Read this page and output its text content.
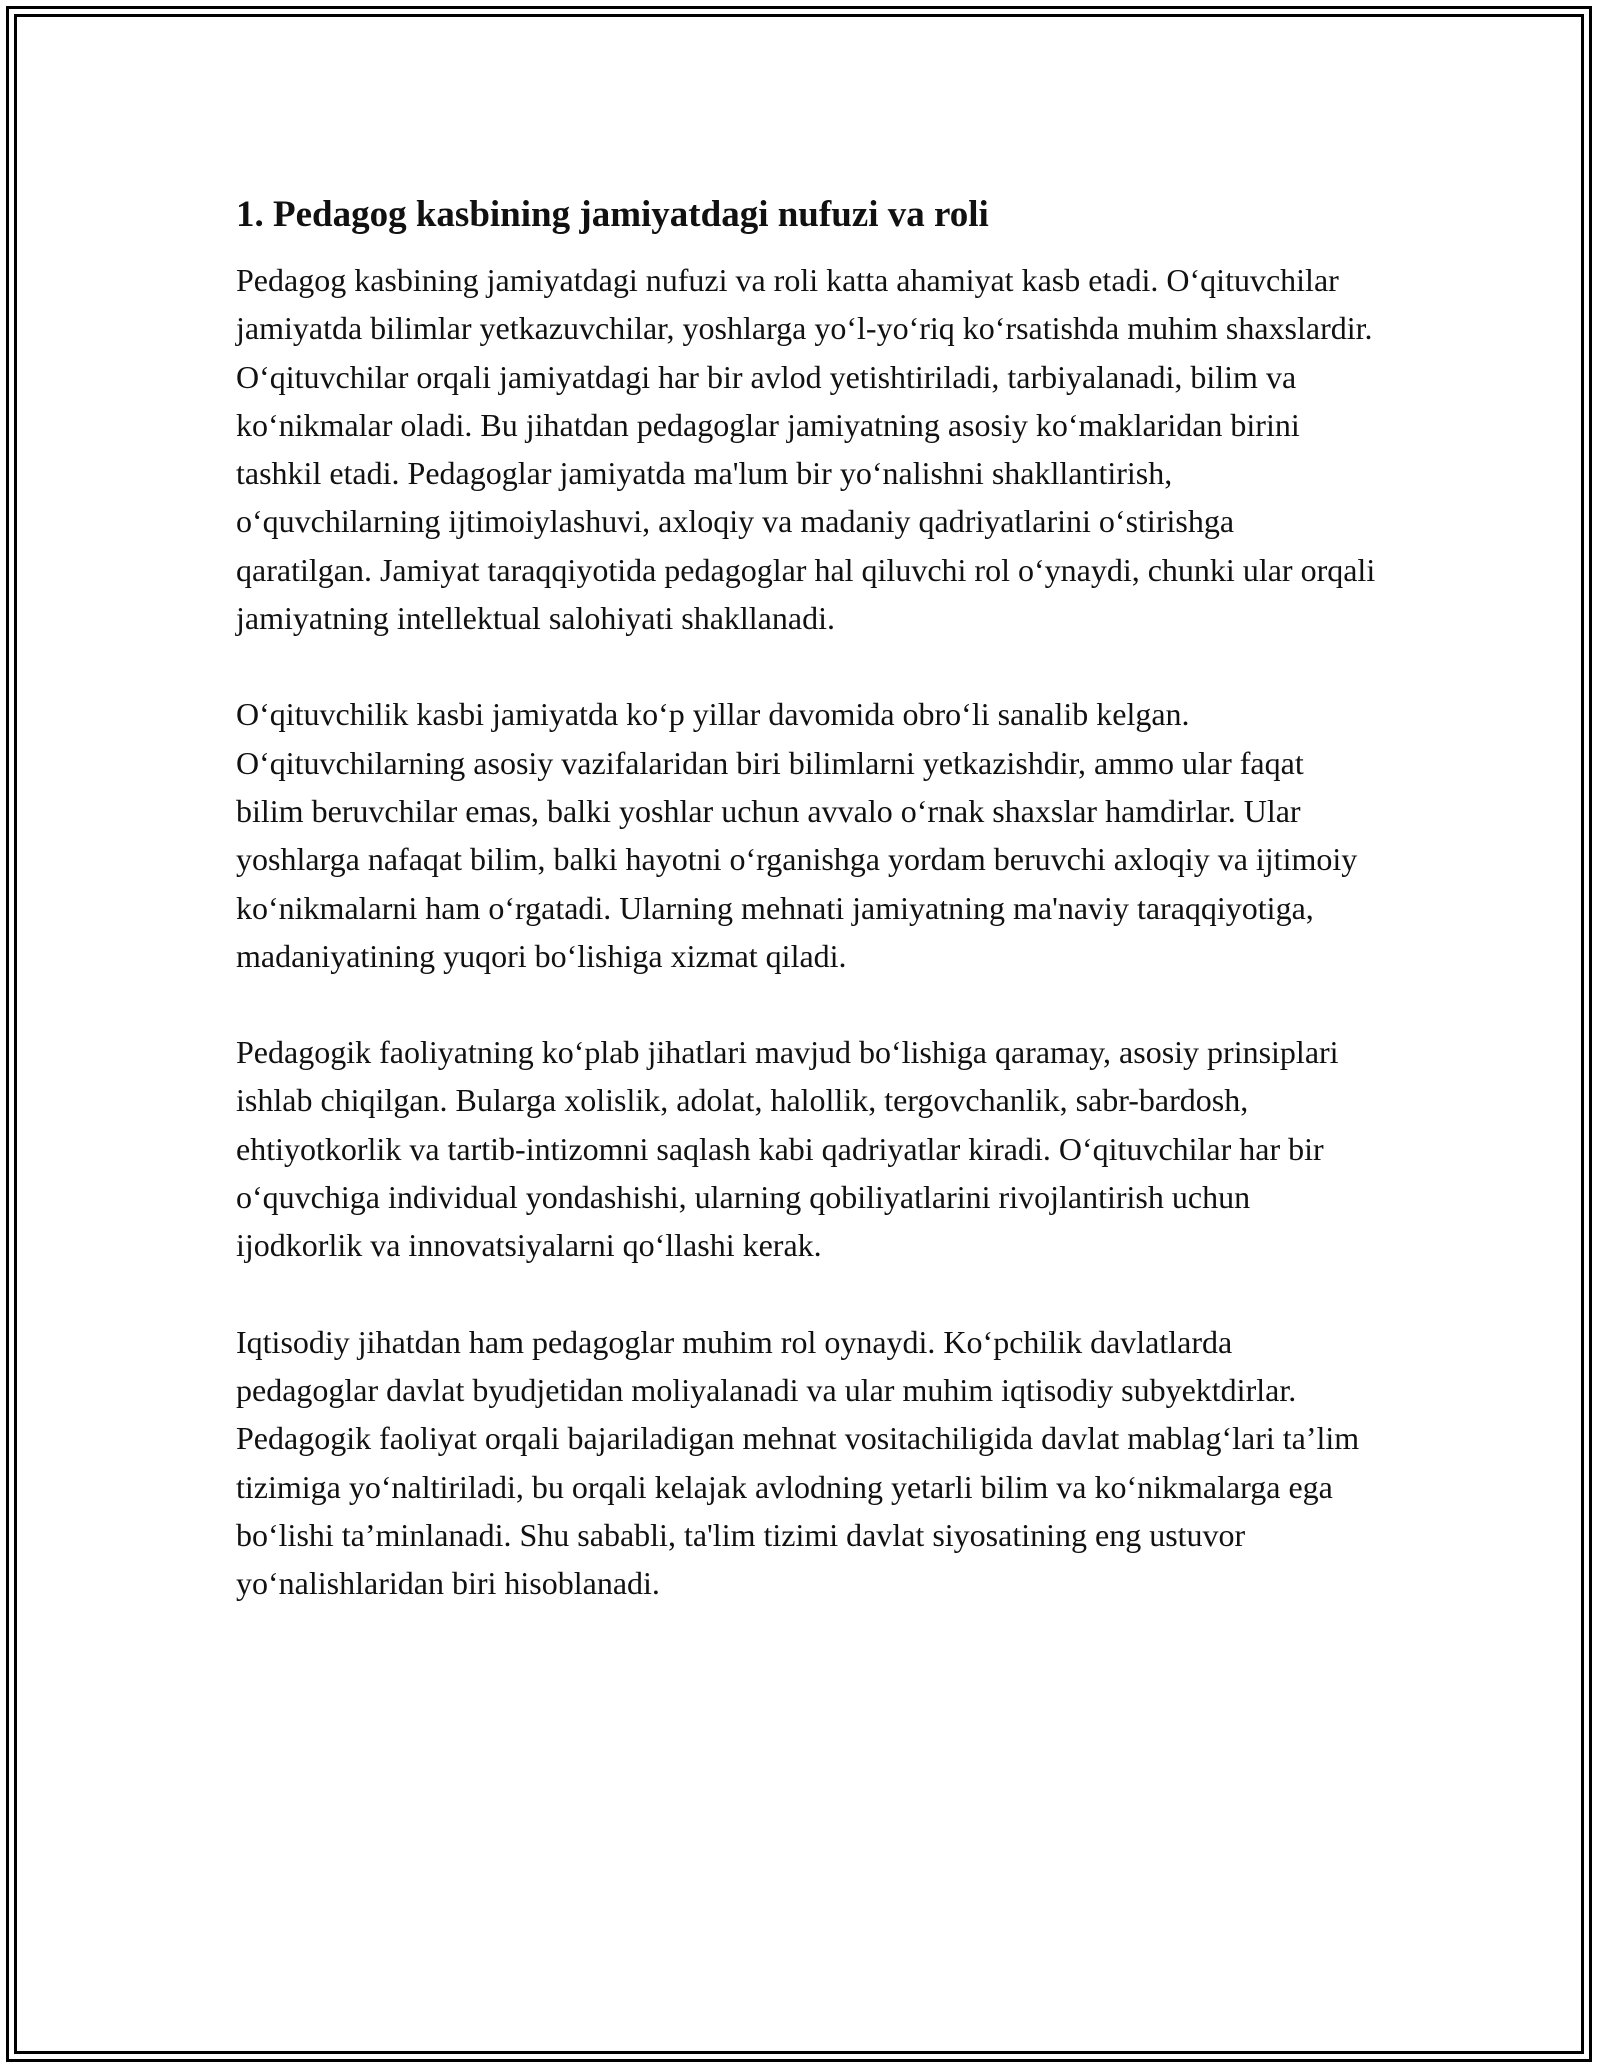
1. Pedagog kasbining jamiyatdagi nufuzi va roli

Pedagog kasbining jamiyatdagi nufuzi va roli katta ahamiyat kasb etadi. O‘qituvchilar jamiyatda bilimlar yetkazuvchilar, yoshlarga yo‘l-yo‘riq ko‘rsatishda muhim shaxslardir. O‘qituvchilar orqali jamiyatdagi har bir avlod yetishtiriladi, tarbiyalanadi, bilim va ko‘nikmalar oladi. Bu jihatdan pedagoglar jamiyatning asosiy ko‘maklaridan birini tashkil etadi. Pedagoglar jamiyatda ma'lum bir yo‘nalishni shakllantirish, o‘quvchilarning ijtimoiylashuvi, axloqiy va madaniy qadriyatlarini o‘stirishga qaratilgan. Jamiyat taraqqiyotida pedagoglar hal qiluvchi rol o‘ynaydi, chunki ular orqali jamiyatning intellektual salohiyati shakllanadi.

O‘qituvchilik kasbi jamiyatda ko‘p yillar davomida obro‘li sanalib kelgan. O‘qituvchilarning asosiy vazifalaridan biri bilimlarni yetkazishdir, ammo ular faqat bilim beruvchilar emas, balki yoshlar uchun avvalo o‘rnak shaxslar hamdirlar. Ular yoshlarga nafaqat bilim, balki hayotni o‘rganishga yordam beruvchi axloqiy va ijtimoiy ko‘nikmalarni ham o‘rgatadi. Ularning mehnati jamiyatning ma'naviy taraqqiyotiga, madaniyatining yuqori bo‘lishiga xizmat qiladi.

Pedagogik faoliyatning ko‘plab jihatlari mavjud bo‘lishiga qaramay, asosiy prinsiplari ishlab chiqilgan. Bularga xolislik, adolat, halollik, tergovchanlik, sabr-bardosh, ehtiyotkorlik va tartib-intizomni saqlash kabi qadriyatlar kiradi. O‘qituvchilar har bir o‘quvchiga individual yondashishi, ularning qobiliyatlarini rivojlantirish uchun ijodkorlik va innovatsiyalarni qo‘llashi kerak.

Iqtisodiy jihatdan ham pedagoglar muhim rol oynaydi. Ko‘pchilik davlatlarda pedagoglar davlat byudjetidan moliyalanadi va ular muhim iqtisodiy subyektdirlar. Pedagogik faoliyat orqali bajariladigan mehnat vositachiligida davlat mablag‘lari ta’lim tizimiga yo‘naltiriladi, bu orqali kelajak avlodning yetarli bilim va ko‘nikmalarga ega bo‘lishi ta’minlanadi. Shu sababli, ta'lim tizimi davlat siyosatining eng ustuvor yo‘nalishlaridan biri hisoblanadi.
